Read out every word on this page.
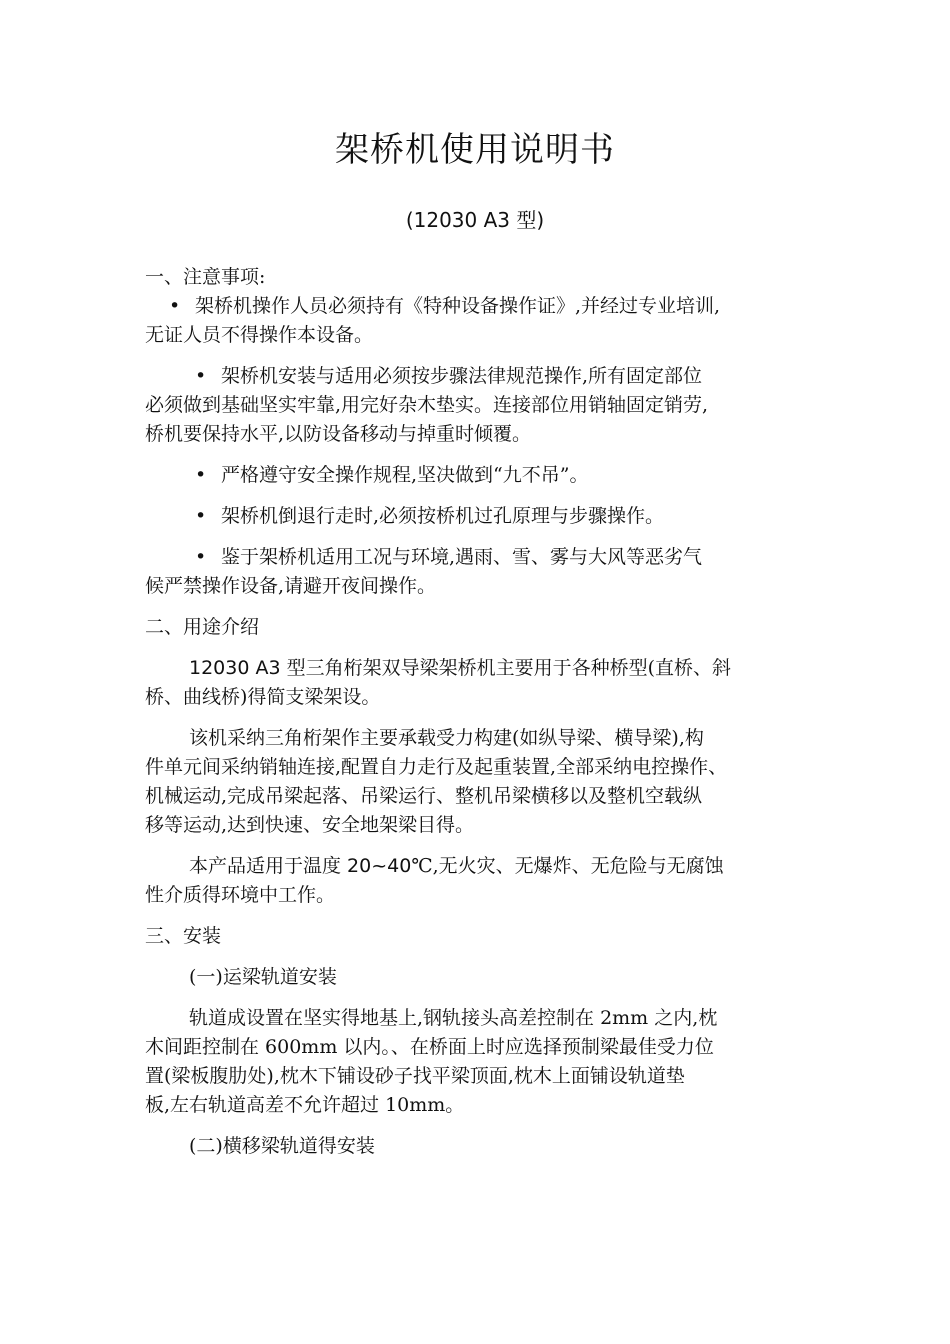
架桥机使用说明书
(12030 A3 型)

一、注意事项:

• 架桥机操作人员必须持有《特种设备操作证》,并经过专业培训,

无证人员不得操作本设备。

• 架桥机安装与适用必须按步骤法律规范操作,所有固定部位

必须做到基础坚实牢靠,用完好杂木垫实。连接部位用销轴固定销劳,

桥机要保持水平,以防设备移动与掉重时倾覆。

• 严格遵守安全操作规程,坚决做到“九不吊”。

• 架桥机倒退行走时,必须按桥机过孔原理与步骤操作。

• 鉴于架桥机适用工况与环境,遇雨、雪、雾与大风等恶劣气

候严禁操作设备,请避开夜间操作。

二、用途介绍

12030 A3 型三角桁架双导梁架桥机主要用于各种桥型(直桥、斜

桥、曲线桥)得简支梁架设。

该机采纳三角桁架作主要承载受力构建(如纵导梁、横导梁),构

件单元间采纳销轴连接,配置自力走行及起重装置,全部采纳电控操作、

机械运动,完成吊梁起落、吊梁运行、整机吊梁横移以及整机空载纵

移等运动,达到快速、安全地架梁目得。

本产品适用于温度 20~40℃,无火灾、无爆炸、无危险与无腐蚀

性介质得环境中工作。

三、安装

(一)运梁轨道安装

轨道成设置在坚实得地基上,钢轨接头高差控制在 2mm 之内,枕

木间距控制在 600mm 以内。、在桥面上时应选择预制梁最佳受力位

置(梁板腹肋处),枕木下铺设砂子找平梁顶面,枕木上面铺设轨道垫

板,左右轨道高差不允许超过 10mm。

(二)横移梁轨道得安装
